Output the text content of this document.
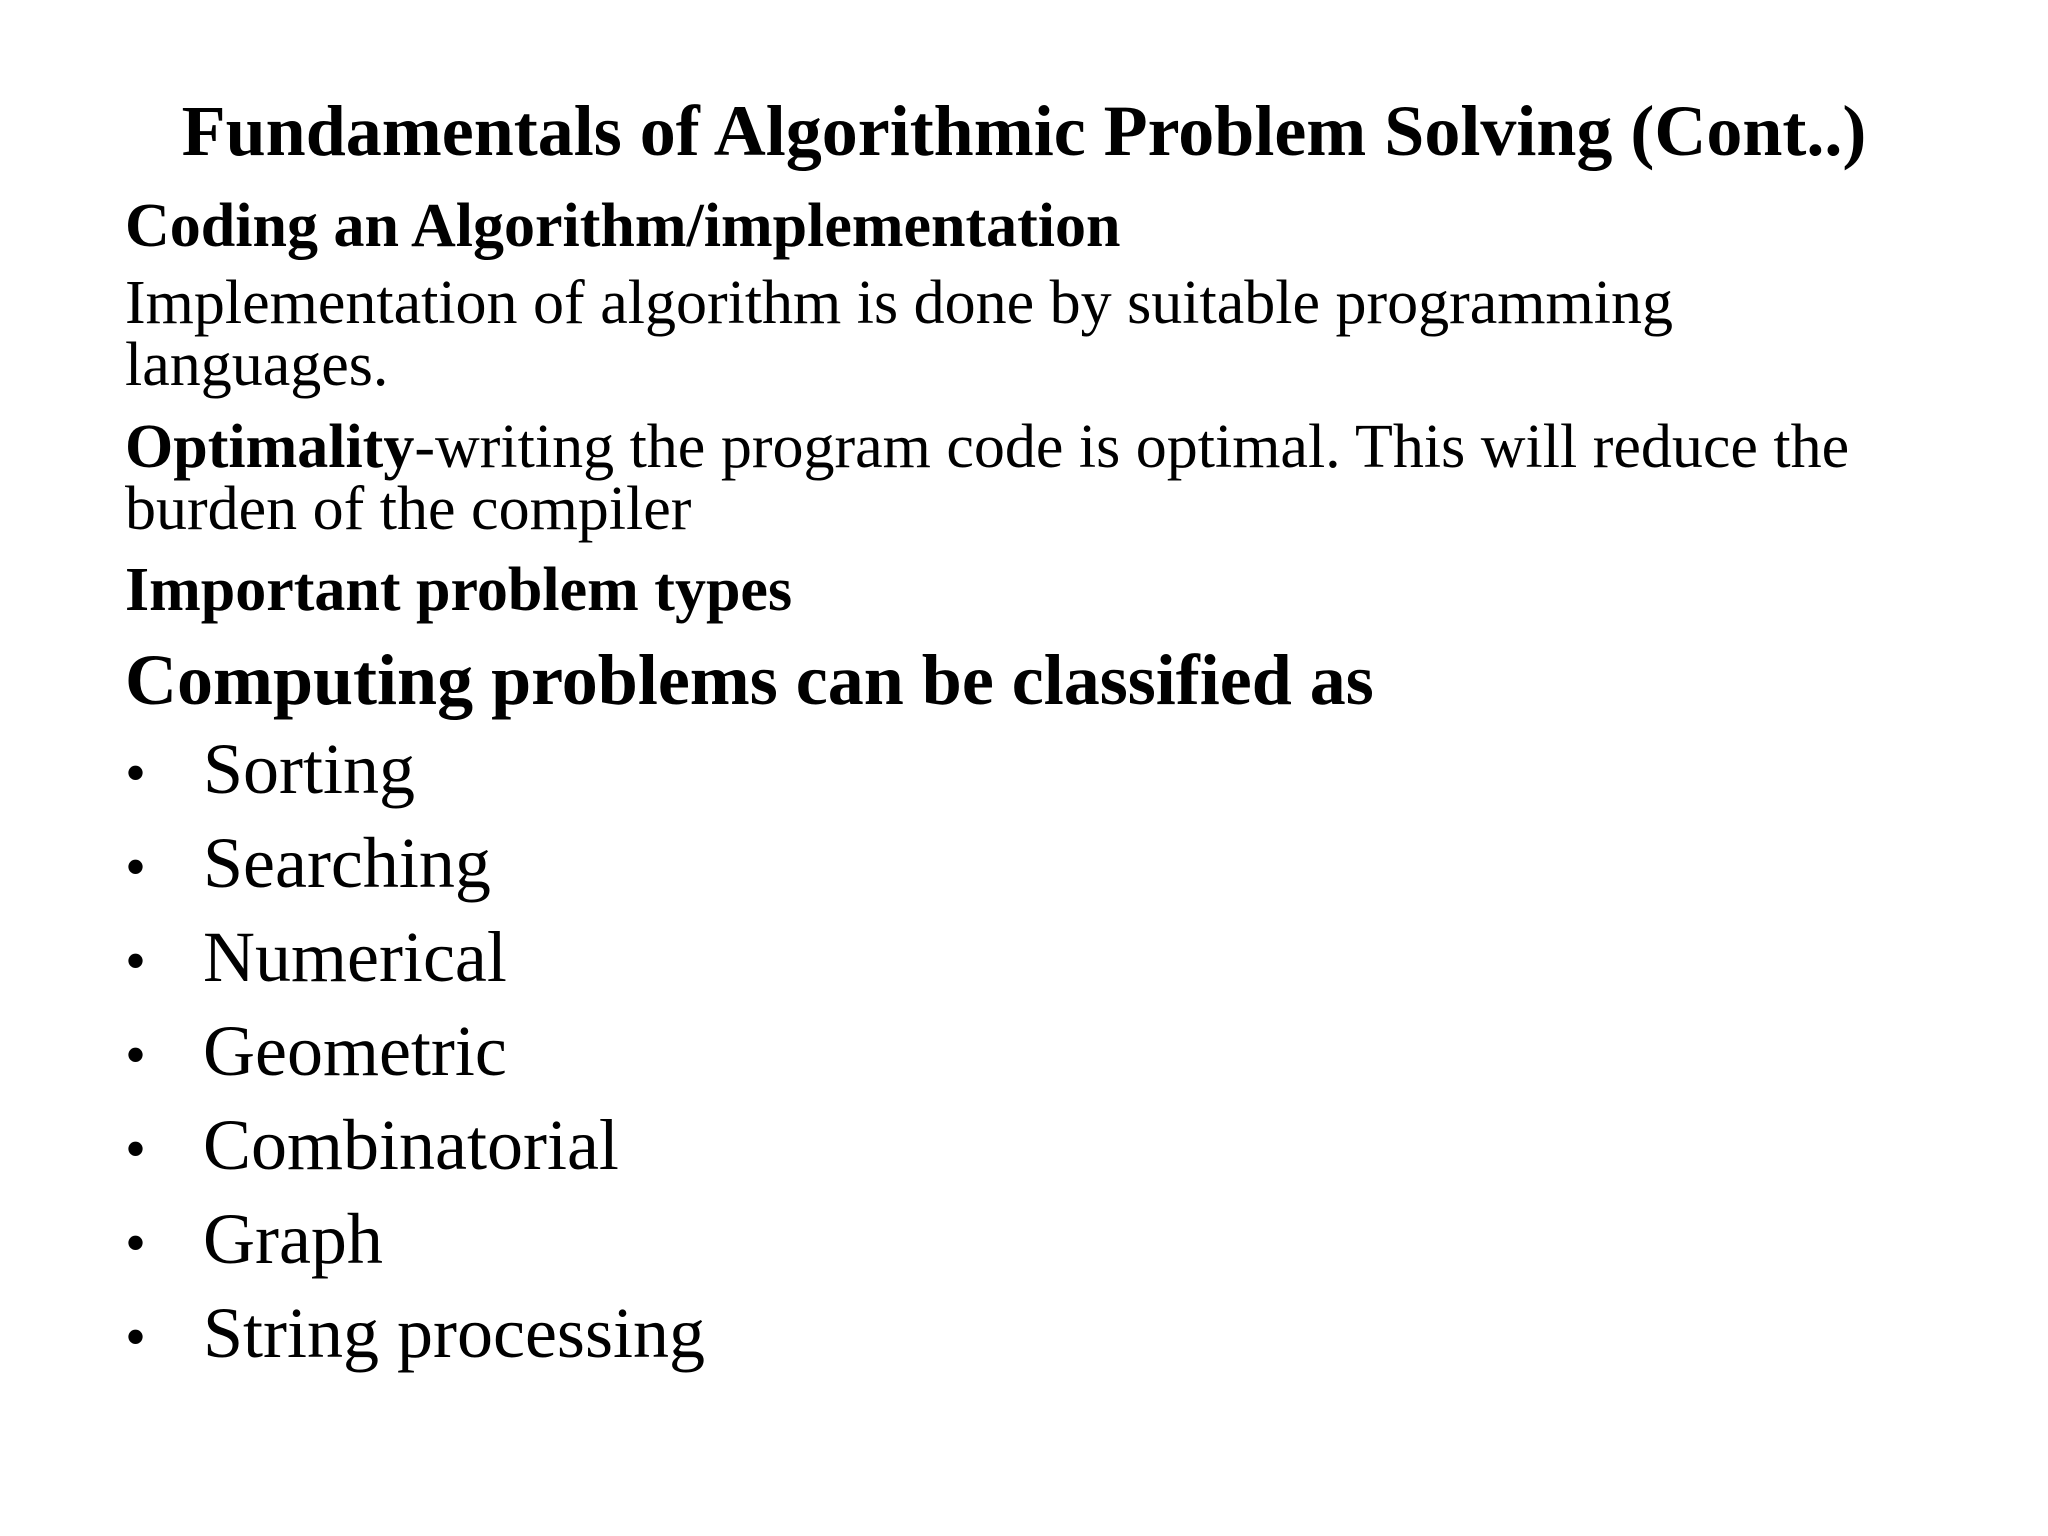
Fundamentals of Algorithmic Problem Solving (Cont..)

Coding an Algorithm/implementation

Implementation of algorithm is done by suitable programming languages.

Optimality-writing the program code is optimal. This will reduce the burden of the compiler

Important problem types

Computing problems can be classified as

• Sorting
• Searching
• Numerical
• Geometric
• Combinatorial
• Graph
• String processing
